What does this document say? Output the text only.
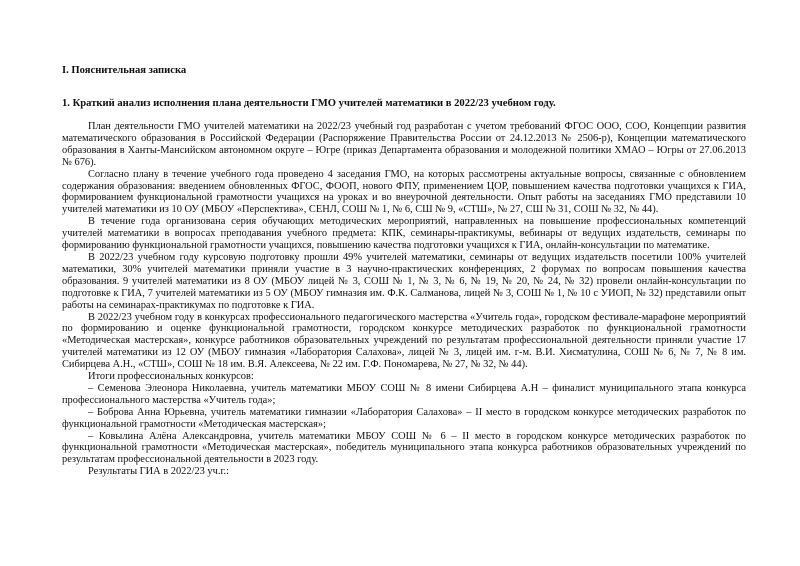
I. Пояснительная записка
1. Краткий анализ исполнения плана деятельности ГМО учителей математики в 2022/23 учебном году.

План деятельности ГМО учителей математики на 2022/23 учебный год разработан с учетом требований ФГОС ООО, СОО, Концепции развития математического образования в Российской Федерации (Распоряжение Правительства России от 24.12.2013 № 2506-р), Концепции математического образования в Ханты-Мансийском автономном округе – Югре (приказ Департамента образования и молодежной политики ХМАО – Югры от 27.06.2013 № 676).

Согласно плану в течение учебного года проведено 4 заседания ГМО, на которых рассмотрены актуальные вопросы, связанные с обновлением содержания образования: введением обновленных ФГОС, ФООП, нового ФПУ, применением ЦОР, повышением качества подготовки учащихся к ГИА, формированием функциональной грамотности учащихся на уроках и во внеурочной деятельности. Опыт работы на заседаниях ГМО представили 10 учителей математики из 10 ОУ (МБОУ «Перспектива», СЕНЛ, СОШ № 1, № 6, СШ № 9, «СТШ», № 27, СШ № 31, СОШ № 32, № 44).

В течение года организована серия обучающих методических мероприятий, направленных на повышение профессиональных компетенций учителей математики в вопросах преподавания учебного предмета: КПК, семинары-практикумы, вебинары от ведущих издательств, семинары по формированию функциональной грамотности учащихся, повышению качества подготовки учащихся к ГИА, онлайн-консультации по математике.

В 2022/23 учебном году курсовую подготовку прошли 49% учителей математики, семинары от ведущих издательств посетили 100% учителей математики, 30% учителей математики приняли участие в 3 научно-практических конференциях, 2 форумах по вопросам повышения качества образования. 9 учителей математики из 8 ОУ (МБОУ лицей № 3, СОШ № 1, № 3, № 6, № 19, № 20, № 24, № 32) провели онлайн-консультации по подготовке к ГИА, 7 учителей математики из 5 ОУ (МБОУ гимназия им. Ф.К. Салманова, лицей № 3, СОШ № 1, № 10 с УИОП, № 32) представили опыт работы на семинарах-практикумах по подготовке к ГИА.

В 2022/23 учебном году в конкурсах профессионального педагогического мастерства «Учитель года», городском фестивале-марафоне мероприятий по формированию и оценке функциональной грамотности, городском конкурсе методических разработок по функциональной грамотности «Методическая мастерская», конкурсе работников образовательных учреждений по результатам профессиональной деятельности приняли участие 17 учителей математики из 12 ОУ (МБОУ гимназия «Лаборатория Салахова», лицей № 3, лицей им. г-м. В.И. Хисматулина, СОШ № 6, № 7, № 8 им. Сибирцева А.Н., «СТШ», СОШ № 18 им. В.Я. Алексеева, № 22 им. Г.Ф. Пономарева, № 27, № 32, № 44).

Итоги профессиональных конкурсов:

– Семенова Элеонора Николаевна, учитель математики МБОУ СОШ № 8 имени Сибирцева А.Н – финалист муниципального этапа конкурса профессионального мастерства «Учитель года»;

– Боброва Анна Юрьевна, учитель математики гимназии «Лаборатория Салахова» – II место в городском конкурсе методических разработок по функциональной грамотности «Методическая мастерская»;

– Ковылина Алёна Александровна, учитель математики МБОУ СОШ № 6 – II место в городском конкурсе методических разработок по функциональной грамотности «Методическая мастерская», победитель муниципального этапа конкурса работников образовательных учреждений по результатам профессиональной деятельности в 2023 году.

Результаты ГИА в 2022/23 уч.г.:
